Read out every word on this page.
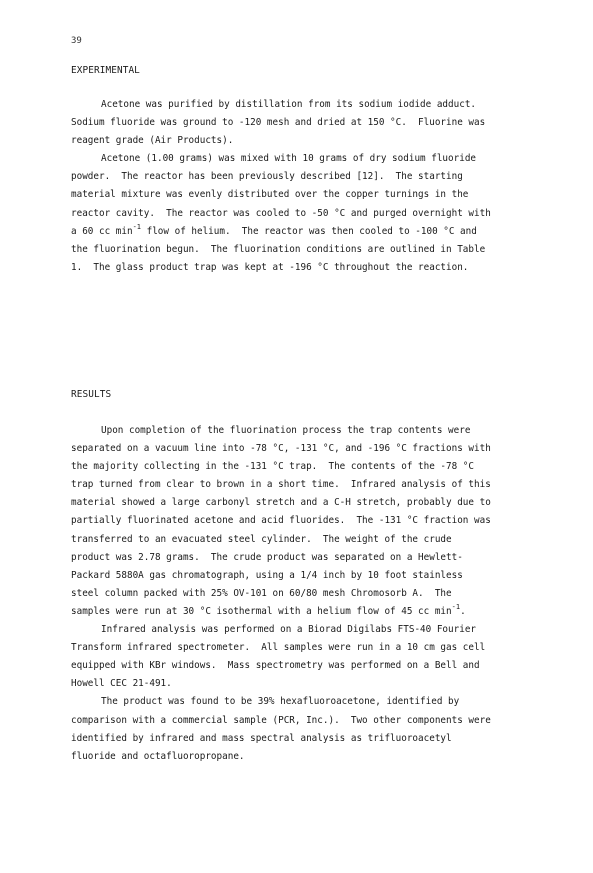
39
EXPERIMENTAL
Acetone was purified by distillation from its sodium iodide adduct.
Sodium fluoride was ground to -120 mesh and dried at 150 °C.  Fluorine was
reagent grade (Air Products).
Acetone (1.00 grams) was mixed with 10 grams of dry sodium fluoride
powder.  The reactor has been previously described [12].  The starting
material mixture was evenly distributed over the copper turnings in the
reactor cavity.  The reactor was cooled to -50 °C and purged overnight with
a 60 cc $\min^{-1}$ flow of helium.  The reactor was then cooled to -100 °C and
the fluorination begun.  The fluorination conditions are outlined in Table
1.  The glass product trap was kept at -196 °C throughout the reaction.
RESULTS
Upon completion of the fluorination process the trap contents were
separated on a vacuum line into -78 °C, -131 °C, and -196 °C fractions with
the majority collecting in the -131 °C trap.  The contents of the -78 °C
trap turned from clear to brown in a short time.  Infrared analysis of this
material showed a large carbonyl stretch and a C-H stretch, probably due to
partially fluorinated acetone and acid fluorides.  The -131 °C fraction was
transferred to an evacuated steel cylinder.  The weight of the crude
product was 2.78 grams.  The crude product was separated on a Hewlett-
Packard 5880A gas chromatograph, using a 1/4 inch by 10 foot stainless
steel column packed with 25% OV-101 on 60/80 mesh Chromosorb A.  The
samples were run at 30 °C isothermal with a helium flow of 45 cc $\min^{-1}$.
Infrared analysis was performed on a Biorad Digilabs FTS-40 Fourier
Transform infrared spectrometer.  All samples were run in a 10 cm gas cell
equipped with KBr windows.  Mass spectrometry was performed on a Bell and
Howell CEC 21-491.
The product was found to be 39% hexafluoroacetone, identified by
comparison with a commercial sample (PCR, Inc.).  Two other components were
identified by infrared and mass spectral analysis as trifluoroacetyl
fluoride and octafluoropropane.
